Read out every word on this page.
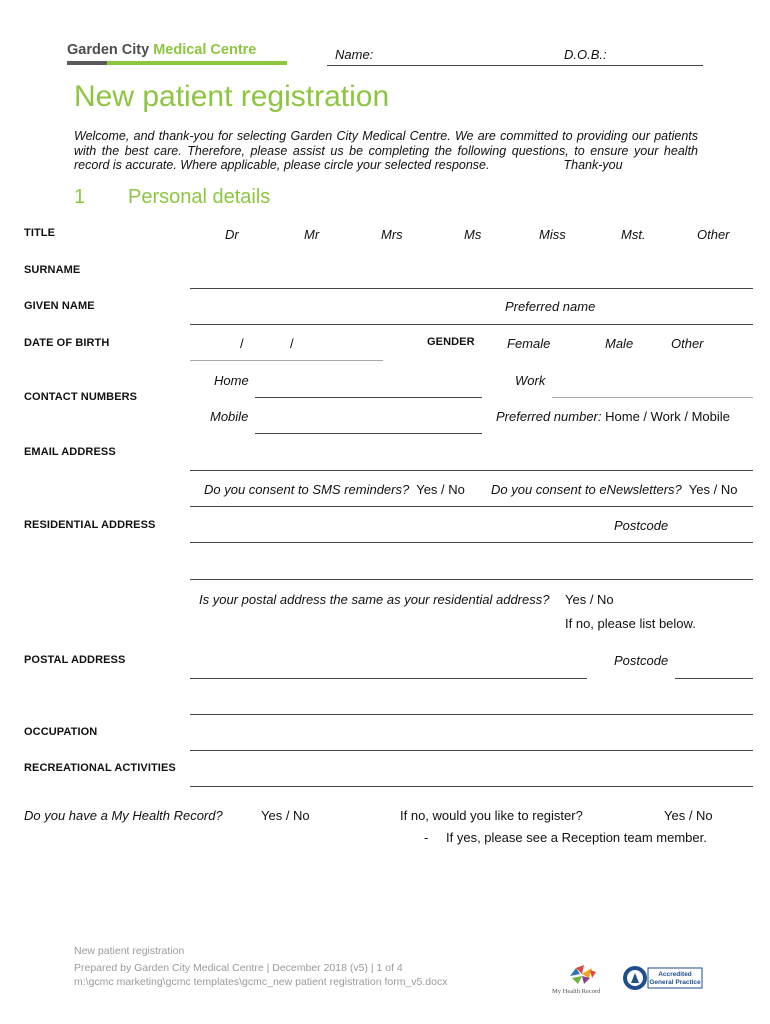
Garden City Medical Centre	Name:	D.O.B.:
New patient registration
Welcome, and thank-you for selecting Garden City Medical Centre. We are committed to providing our patients with the best care. Therefore, please assist us be completing the following questions, to ensure your health record is accurate. Where applicable, please circle your selected response.	Thank-you
1 Personal details
TITLE	Dr	Mr	Mrs	Ms	Miss	Mst.	Other
SURNAME
GIVEN NAME	Preferred name
DATE OF BIRTH	/	/	GENDER Female	Male	Other
Home	Work
CONTACT NUMBERS
Mobile	Preferred number: Home / Work / Mobile
EMAIL ADDRESS
Do you consent to SMS reminders? Yes / No Do you consent to eNewsletters? Yes / No
RESIDENTIAL ADDRESS	Postcode
Is your postal address the same as your residential address? Yes / No
If no, please list below.
POSTAL ADDRESS	Postcode
OCCUPATION
RECREATIONAL ACTIVITIES
Do you have a My Health Record?	Yes / No	If no, would you like to register?	Yes / No
- If yes, please see a Reception team member.
New patient registration
Prepared by Garden City Medical Centre | December 2018 (v5) | 1 of 4
m:\gcmc marketing\gcmc templates\gcmc_new patient registration form_v5.docx
My Health Record
Accredited
General Practice
